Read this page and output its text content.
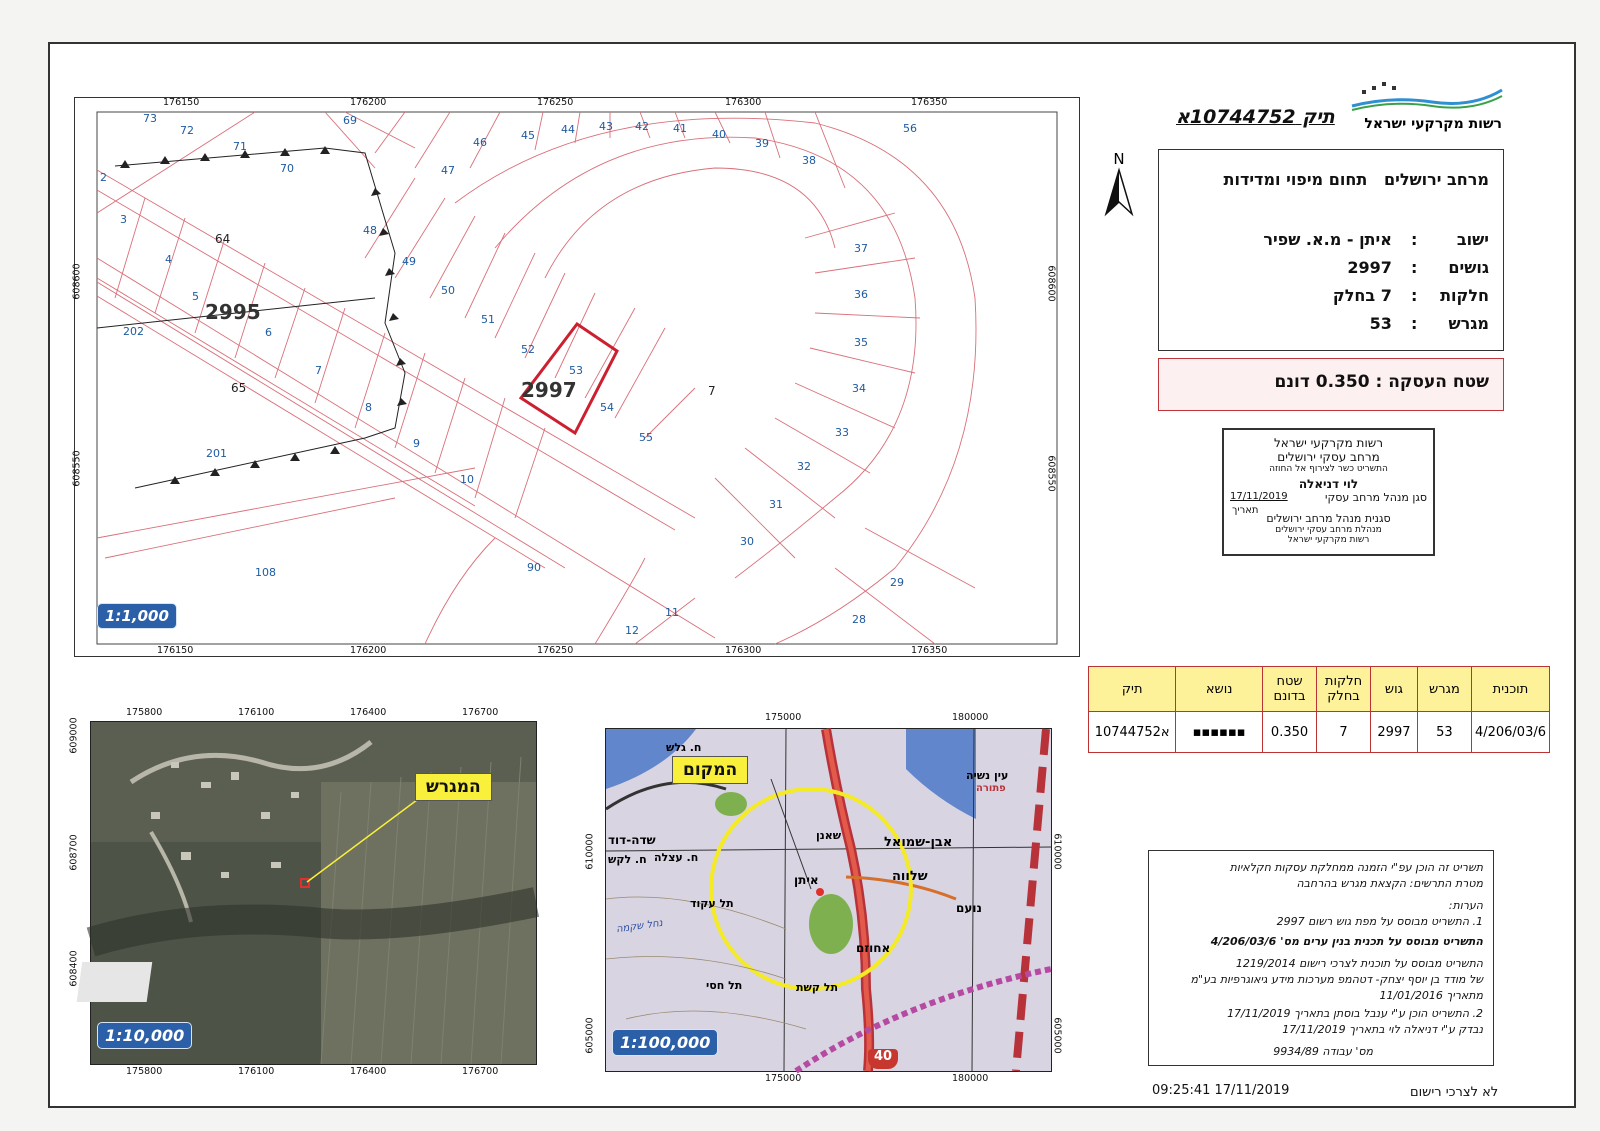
רשות מקרקעי ישראל
תיק 10744752א
N
מרחב ירושלים   תחום מיפוי ומדידות
ישוב : איתן - מ.א. שפיר
גושים : 2997
חלקות : 7 בחלק
מגרש : 53
שטח העסקה : 0.350 דונם
רשות מקרקעי ישראל
מרחב עסקי ירושלים
התשריט כשר לצירוף אל החוזה
לוי דניאלה
סגן מנהל מרחב עסקי
17/11/2019
תאריך
סגנית מנהל מרחב ירושלים
מנהלת מרחב עסקי ירושלים
רשות מקרקעי ישראל
תיק	נושא	שטח בדונם	חלקות בחלק	גוש	מגרש	תוכנית
10744752א	▪▪▪▪▪▪	0.350	7	2997	53	4/206/03/6
תשריט זה הוכן עפ"י הזמנה ממחלקת עסקות חקלאיות
מטרת התרשים: הקצאת מגרש בהרחבה
הערות:
1. התשריט מבוסס על מפת גוש רשום 2997
התשריט מבוסס על תכנית בנין ערים מס' 4/206/03/6
התשריט מבוסס על תוכנית לצרכי רישום 1219/2014
של מודד בן יוסף יצחק- דטהמפ מערכות מידע גיאוגרפיות בע"מ
מתאריך 11/01/2016
2. התשריט הוכן ע"י ענבל בוסתן בתאריך 17/11/2019
נבדק ע"י דניאלה לוי בתאריך 17/11/2019
מס' עבודה 9934/89
09:25:41 17/11/2019	לא לצרכי רישום
73
72
71
70
69
2
3
4
5
6
7
8
9
10
64
65
202
201
108	90
11
12
46
45 44 43 42 41 40
39
38
47
48
49
50
51
52
53
54
55
56
37
36
35
34
33
32
31
30
29
28
7
2995
2997
176150	176200	176250	176300	176350
176150	176200	176250	176300	176350
608600
608550
608600
608550
1:1,000
המגרש
1:10,000
175800	176100	176400	176700
175800	176100	176400	176700
609000
608700
608400
המקום
ח. גלש
עין נשיה
פתורה
שאנן
שדה-דוד
ח. עצלה
ח. לקש
איתן
אבן-שמואל
שלווה
נועם
תל עקוד
תל חסי
אחוזם
תל קשת
40
נחל שקמה
1:100,000
175000	180000
175000	180000
610000
605000
610000
605000
